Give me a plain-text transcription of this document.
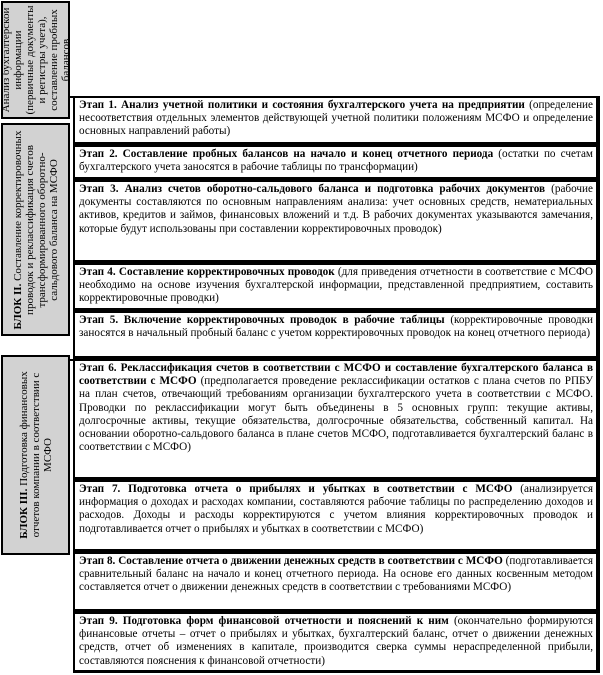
Анализ бухгалтерской информации (первичные документы и регистры учета), составление пробных балансов
БЛОК II. Составление корректировочных проводок и реклассификация счетов трансформированного оборотно-сальдового баланса на МСФО
БЛОК III. Подготовка финансовых отчетов компании в соответствии с МСФО
Этап 1. Анализ учетной политики и состояния бухгалтерского учета на предприятии (определение несоответствия отдельных элементов действующей учетной политики положениям МСФО и определение основных направлений работы)
Этап 2. Составление пробных балансов на начало и конец отчетного периода (остатки по счетам бухгалтерского учета заносятся в рабочие таблицы по трансформации)
Этап 3. Анализ счетов оборотно-сальдового баланса и подготовка рабочих документов (рабочие документы составляются по основным направлениям анализа: учет основных средств, нематериальных активов, кредитов и займов, финансовых вложений и т.д. В рабочих документах указываются замечания, которые будут использованы при составлении корректировочных проводок)
Этап 4. Составление корректировочных проводок (для приведения отчетности в соответствие с МСФО необходимо на основе изучения бухгалтерской информации, представленной предприятием, составить корректировочные проводки)
Этап 5. Включение корректировочных проводок в рабочие таблицы (корректировочные проводки заносятся в начальный пробный баланс с учетом корректировочных проводок на конец отчетного периода)
Этап 6. Реклассификация счетов в соответствии с МСФО и составление бухгалтерского баланса в соответствии с МСФО (предполагается проведение реклассификации остатков с плана счетов по РПБУ на план счетов, отвечающий требованиям организации бухгалтерского учета в соответствии с МСФО. Проводки по реклассификации могут быть объединены в 5 основных групп: текущие активы, долгосрочные активы, текущие обязательства, долгосрочные обязательства, собственный капитал. На основании оборотно-сальдового баланса в плане счетов МСФО, подготавливается бухгалтерский баланс в соответствии с МСФО)
Этап 7. Подготовка отчета о прибылях и убытках в соответствии с МСФО (анализируется информация о доходах и расходах компании, составляются рабочие таблицы по распределению доходов и расходов. Доходы и расходы корректируются с учетом влияния корректировочных проводок и подготавливается отчет о прибылях и убытках в соответствии с МСФО)
Этап 8. Составление отчета о движении денежных средств в соответствии с МСФО (подготавливается сравнительный баланс на начало и конец отчетного периода. На основе его данных косвенным методом составляется отчет о движении денежных средств в соответствии с требованиями МСФО)
Этап 9. Подготовка форм финансовой отчетности и пояснений к ним (окончательно формируются финансовые отчеты – отчет о прибылях и убытках, бухгалтерский баланс, отчет о движении денежных средств, отчет об изменениях в капитале, производится сверка суммы нераспределенной прибыли, составляются пояснения к финансовой отчетности)
